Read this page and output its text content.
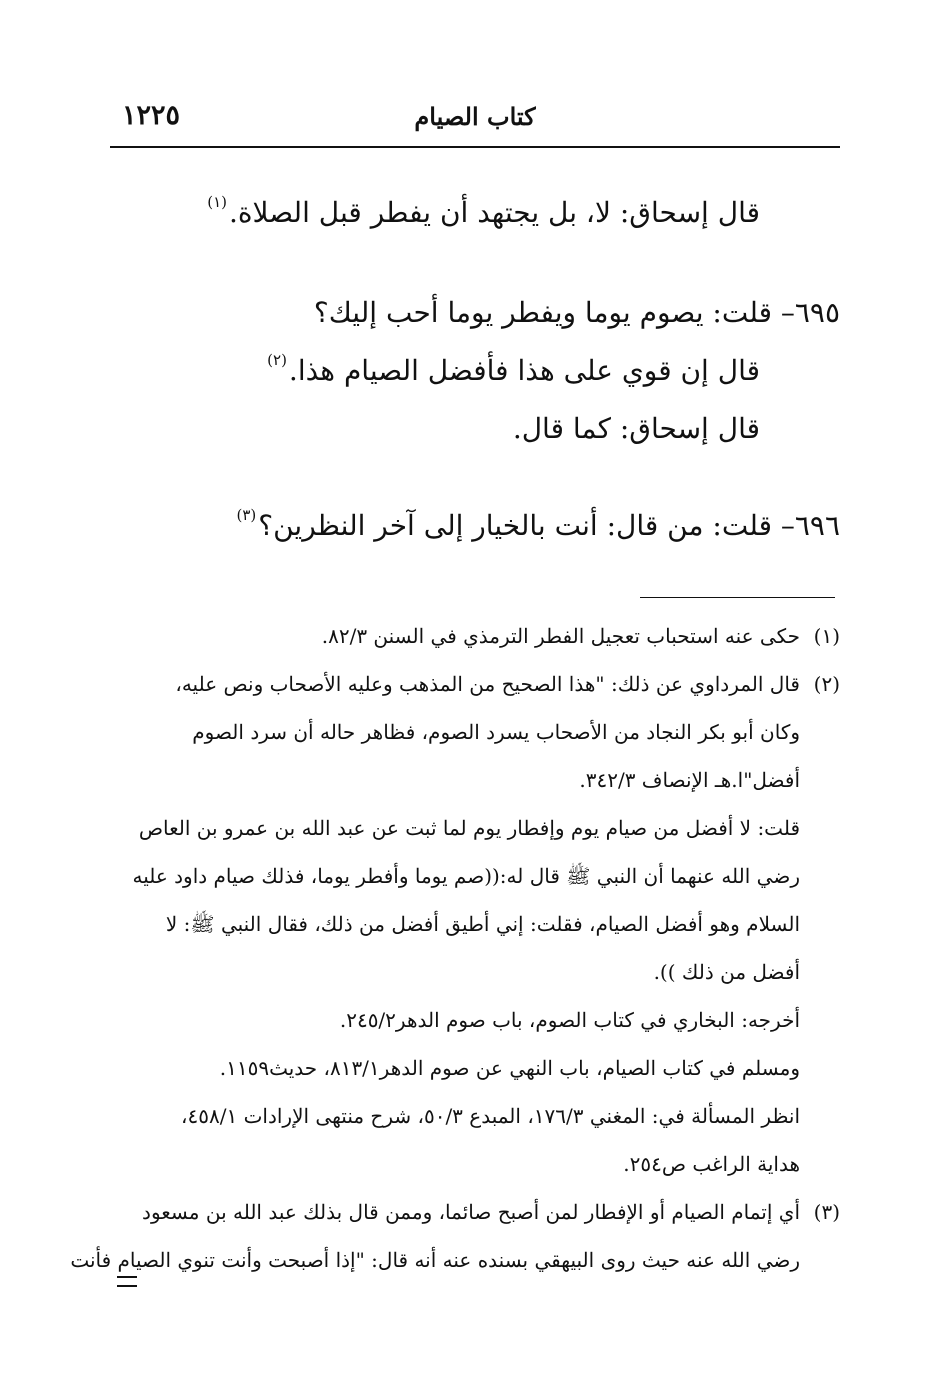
١٢٢٥	كتاب الصيام

قال إسحاق: لا، بل يجتهد أن يفطر قبل الصلاة.$^{(١)}$

٦٩٥– قلت: يصوم يوما ويفطر يوما أحب إليك؟

قال إن قوي على هذا فأفضل الصيام هذا.$^{(٢)}$

قال إسحاق: كما قال.

٦٩٦– قلت: من قال: أنت بالخيار إلى آخر النظرين؟$^{(٣)}$

(١)حكى عنه استحباب تعجيل الفطر الترمذي في السنن ٨٢/٣.

(٢)قال المرداوي عن ذلك: "هذا الصحيح من المذهب وعليه الأصحاب ونص عليه،
وكان أبو بكر النجاد من الأصحاب يسرد الصوم، فظاهر حاله أن سرد الصوم
أفضل"ا.هـ الإنصاف ٣٤٢/٣.
قلت: لا أفضل من صيام يوم وإفطار يوم لما ثبت عن عبد الله بن عمرو بن العاص
رضي الله عنهما أن النبي ﷺ قال له:((صم يوما وأفطر يوما، فذلك صيام داود عليه
السلام وهو أفضل الصيام، فقلت: إني أطيق أفضل من ذلك، فقال النبي ﷺ: لا
أفضل من ذلك )).
أخرجه: البخاري في كتاب الصوم، باب صوم الدهر٢٤٥/٢.
ومسلم في كتاب الصيام، باب النهي عن صوم الدهر٨١٣/١، حديث١١٥٩.
انظر المسألة في: المغني ١٧٦/٣، المبدع ٥٠/٣، شرح منتهى الإرادات ٤٥٨/١،
هداية الراغب ص٢٥٤.
(٣)أي إتمام الصيام أو الإفطار لمن أصبح صائما، وممن قال بذلك عبد الله بن مسعود
رضي الله عنه حيث روى البيهقي بسنده عنه أنه قال: "إذا أصبحت وأنت تنوي الصيام فأنت
